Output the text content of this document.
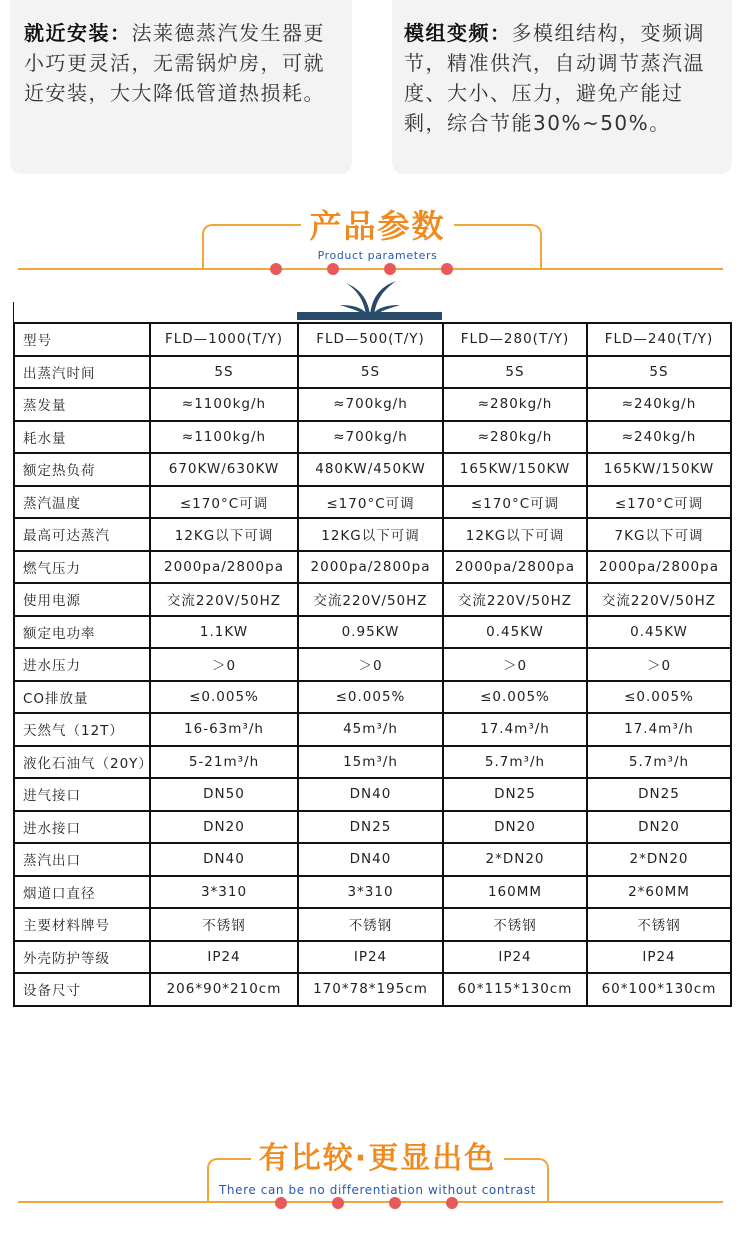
就近安装：法莱德蒸汽发生器更小巧更灵活，无需锅炉房，可就近安装，大大降低管道热损耗。

模组变频：多模组结构，变频调节，精准供汽，自动调节蒸汽温度、大小、压力，避免产能过剩，综合节能30%~50%。

产品参数
Product parameters
型号	FLD—1000(T/Y)	FLD—500(T/Y)	FLD—280(T/Y)	FLD—240(T/Y)
出蒸汽时间	5S	5S	5S	5S
蒸发量	≈1100kg/h	≈700kg/h	≈280kg/h	≈240kg/h
耗水量	≈1100kg/h	≈700kg/h	≈280kg/h	≈240kg/h
额定热负荷	670KW/630KW	480KW/450KW	165KW/150KW	165KW/150KW
蒸汽温度	≤170°C可调	≤170°C可调	≤170°C可调	≤170°C可调
最高可达蒸汽	12KG以下可调	12KG以下可调	12KG以下可调	7KG以下可调
燃气压力	2000pa/2800pa	2000pa/2800pa	2000pa/2800pa	2000pa/2800pa
使用电源	交流220V/50HZ	交流220V/50HZ	交流220V/50HZ	交流220V/50HZ
额定电功率	1.1KW	0.95KW	0.45KW	0.45KW
进水压力	＞0	＞0	＞0	＞0
CO排放量	≤0.005%	≤0.005%	≤0.005%	≤0.005%
天然气（12T）	16-63m³/h	45m³/h	17.4m³/h	17.4m³/h
液化石油气（20Y）	5-21m³/h	15m³/h	5.7m³/h	5.7m³/h
进气接口	DN50	DN40	DN25	DN25
进水接口	DN20	DN25	DN20	DN20
蒸汽出口	DN40	DN40	2*DN20	2*DN20
烟道口直径	3*310	3*310	160MM	2*60MM
主要材料牌号	不锈钢	不锈钢	不锈钢	不锈钢
外壳防护等级	IP24	IP24	IP24	IP24
设备尺寸	206*90*210cm	170*78*195cm	60*115*130cm	60*100*130cm
有比较·更显出色
There can be no differentiation without contrast
